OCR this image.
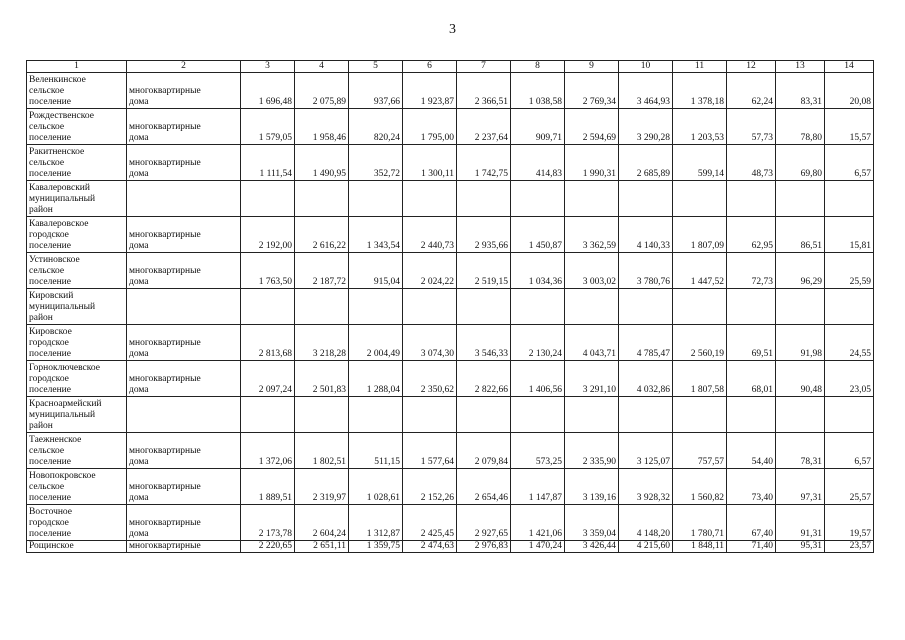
3
1	2	3	4	5	6	7	8	9	10	11	12	13	14

Веленкинское
сельское
поселение	многоквартирные
дома	1 696,48	2 075,89	937,66	1 923,87	2 366,51	1 038,58	2 769,34	3 464,93	1 378,18	62,24	83,31	20,08

Рождественское
сельское
поселение	многоквартирные
дома	1 579,05	1 958,46	820,24	1 795,00	2 237,64	909,71	2 594,69	3 290,28	1 203,53	57,73	78,80	15,57

Ракитненское
сельское
поселение	многоквартирные
дома	1 111,54	1 490,95	352,72	1 300,11	1 742,75	414,83	1 990,31	2 685,89	599,14	48,73	69,80	6,57

Кавалеровский
муниципальный
район													

Кавалеровское
городское
поселение	многоквартирные
дома	2 192,00	2 616,22	1 343,54	2 440,73	2 935,66	1 450,87	3 362,59	4 140,33	1 807,09	62,95	86,51	15,81

Устиновское
сельское
поселение	многоквартирные
дома	1 763,50	2 187,72	915,04	2 024,22	2 519,15	1 034,36	3 003,02	3 780,76	1 447,52	72,73	96,29	25,59

Кировский
муниципальный
район													

Кировское
городское
поселение	многоквартирные
дома	2 813,68	3 218,28	2 004,49	3 074,30	3 546,33	2 130,24	4 043,71	4 785,47	2 560,19	69,51	91,98	24,55

Горноключевское
городское
поселение	многоквартирные
дома	2 097,24	2 501,83	1 288,04	2 350,62	2 822,66	1 406,56	3 291,10	4 032,86	1 807,58	68,01	90,48	23,05

Красноармейский
муниципальный
район													

Таежненское
сельское
поселение	многоквартирные
дома	1 372,06	1 802,51	511,15	1 577,64	2 079,84	573,25	2 335,90	3 125,07	757,57	54,40	78,31	6,57

Новопокровское
сельское
поселение	многоквартирные
дома	1 889,51	2 319,97	1 028,61	2 152,26	2 654,46	1 147,87	3 139,16	3 928,32	1 560,82	73,40	97,31	25,57

Восточное
городское
поселение	многоквартирные
дома	2 173,78	2 604,24	1 312,87	2 425,45	2 927,65	1 421,06	3 359,04	4 148,20	1 780,71	67,40	91,31	19,57

Рощинское	многоквартирные	2 220,65	2 651,11	1 359,75	2 474,63	2 976,83	1 470,24	3 426,44	4 215,60	1 848,11	71,40	95,31	23,57
